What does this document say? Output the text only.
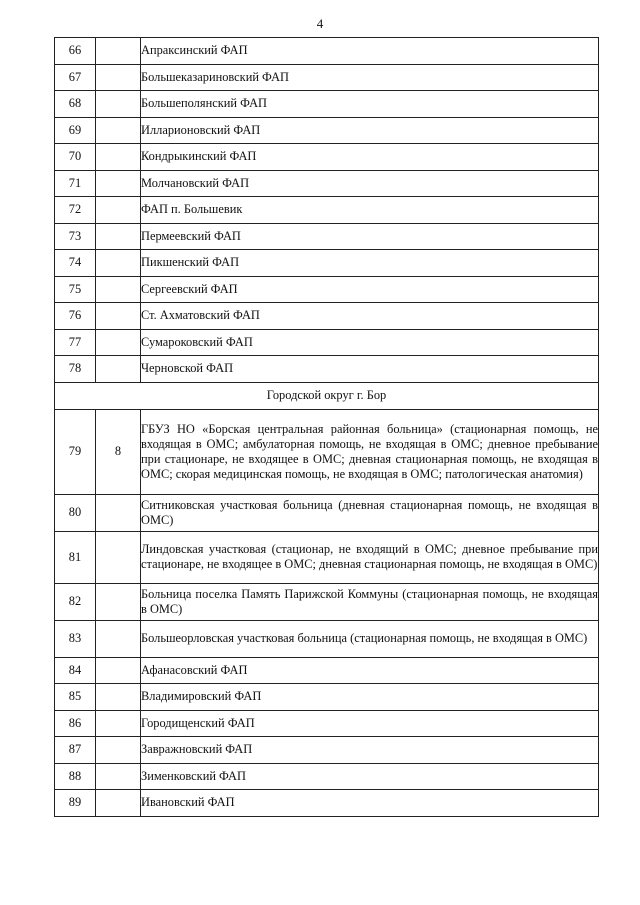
4
66		Апраксинский ФАП
67		Большеказариновский ФАП
68		Большеполянский ФАП
69		Илларионовский ФАП
70		Кондрыкинский ФАП
71		Молчановский ФАП
72		ФАП п. Большевик
73		Пермеевский ФАП
74		Пикшенский ФАП
75		Сергеевский ФАП
76		Ст. Ахматовский ФАП
77		Сумароковский ФАП
78		Черновской ФАП
Городской округ г. Бор		
79	8	ГБУЗ НО «Борская центральная районная больница» (стационарная помощь, не входящая в ОМС; амбулаторная помощь, не входящая в ОМС; дневное пребывание при стационаре, не входящее в ОМС; дневная стационарная помощь, не входящая в ОМС; скорая медицинская помощь, не входящая в ОМС; патологическая анатомия)
80		Ситниковская участковая больница (дневная стационарная помощь, не входящая в ОМС)
81		Линдовская участковая (стационар, не входящий в ОМС; дневное пребывание при стационаре, не входящее в ОМС; дневная стационарная помощь, не входящая в ОМС)
82		Больница поселка Память Парижской Коммуны (стационарная помощь, не входящая в ОМС)
83		Большеорловская участковая больница (стационарная помощь, не входящая в ОМС)
84		Афанасовский ФАП
85		Владимировский ФАП
86		Городищенский ФАП
87		Завражновский ФАП
88		Зименковский ФАП
89		Ивановский ФАП
